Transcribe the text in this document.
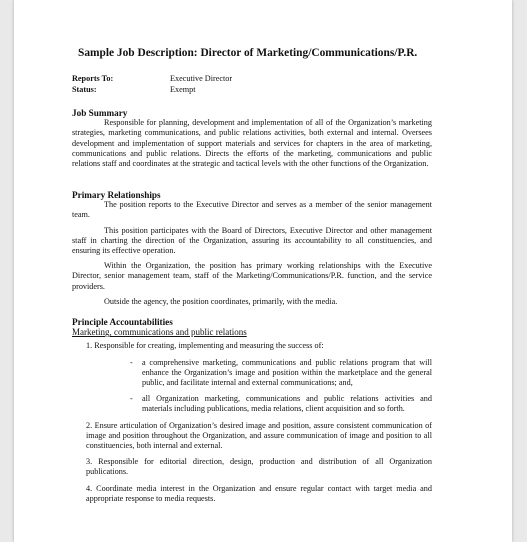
Sample Job Description: Director of Marketing/Communications/P.R.
Reports To:	Executive Director
Status:	Exempt
Job Summary
Responsible for planning, development and implementation of all of the Organization’s marketing strategies, marketing communications, and public relations activities, both external and internal. Oversees development and implementation of support materials and services for chapters in the area of marketing, communications and public relations. Directs the efforts of the marketing, communications and public relations staff and coordinates at the strategic and tactical levels with the other functions of the Organization.
Primary Relationships
The position reports to the Executive Director and serves as a member of the senior management team.
This position participates with the Board of Directors, Executive Director and other management staff in charting the direction of the Organization, assuring its accountability to all constituencies, and ensuring its effective operation.
Within the Organization, the position has primary working relationships with the Executive Director, senior management team, staff of the Marketing/Communications/P.R. function, and the service providers.
Outside the agency, the position coordinates, primarily, with the media.
Principle Accountabilities
Marketing, communications and public relations
1. Responsible for creating, implementing and measuring the success of:
-	a comprehensive marketing, communications and public relations program that will enhance the Organization’s image and position within the marketplace and the general public, and facilitate internal and external communications; and,
-	all Organization marketing, communications and public relations activities and materials including publications, media relations, client acquisition and so forth.
2. Ensure articulation of Organization’s desired image and position, assure consistent communication of image and position throughout the Organization, and assure communication of image and position to all constituencies, both internal and external.
3. Responsible for editorial direction, design, production and distribution of all Organization publications.
4. Coordinate media interest in the Organization and ensure regular contact with target media and appropriate response to media requests.
